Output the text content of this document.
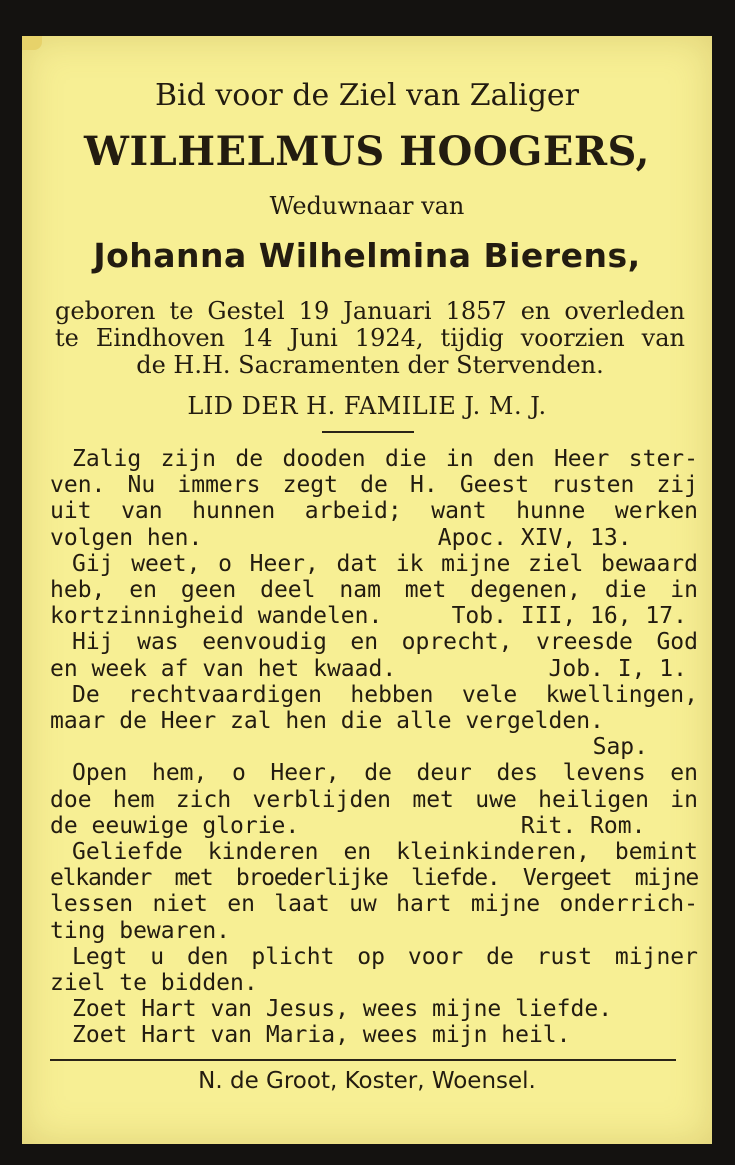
Bid voor de Ziel van Zaliger
WILHELMUS HOOGERS,
Weduwnaar van
Johanna Wilhelmina Bierens,
geboren te Gestel 19 Januari 1857 en overleden
te Eindhoven 14 Juni 1924, tijdig voorzien van
de H.H. Sacramenten der Stervenden.
LID DER H. FAMILIE J. M. J.
Zalig zijn de dooden die in den Heer ster-
ven. Nu immers zegt de H. Geest rusten zij
uit van hunnen arbeid; want hunne werken
volgen hen.                 Apoc. XIV, 13.
Gij weet, o Heer, dat ik mijne ziel bewaard
heb, en geen deel nam met degenen, die in
kortzinnigheid wandelen.     Tob. III, 16, 17.
Hij was eenvoudig en oprecht, vreesde God
en week af van het kwaad.           Job. I, 1.
De rechtvaardigen hebben vele kwellingen,
maar de Heer zal hen die alle vergelden.
Sap.
Open hem, o Heer, de deur des levens en
doe hem zich verblijden met uwe heiligen in
de eeuwige glorie.                Rit. Rom.
Geliefde kinderen en kleinkinderen, bemint
elkander met broederlijke liefde. Vergeet mijne
lessen niet en laat uw hart mijne onderrich-
ting bewaren.
Legt u den plicht op voor de rust mijner
ziel te bidden.
Zoet Hart van Jesus, wees mijne liefde.
Zoet Hart van Maria, wees mijn heil.
N. de Groot, Koster, Woensel.
